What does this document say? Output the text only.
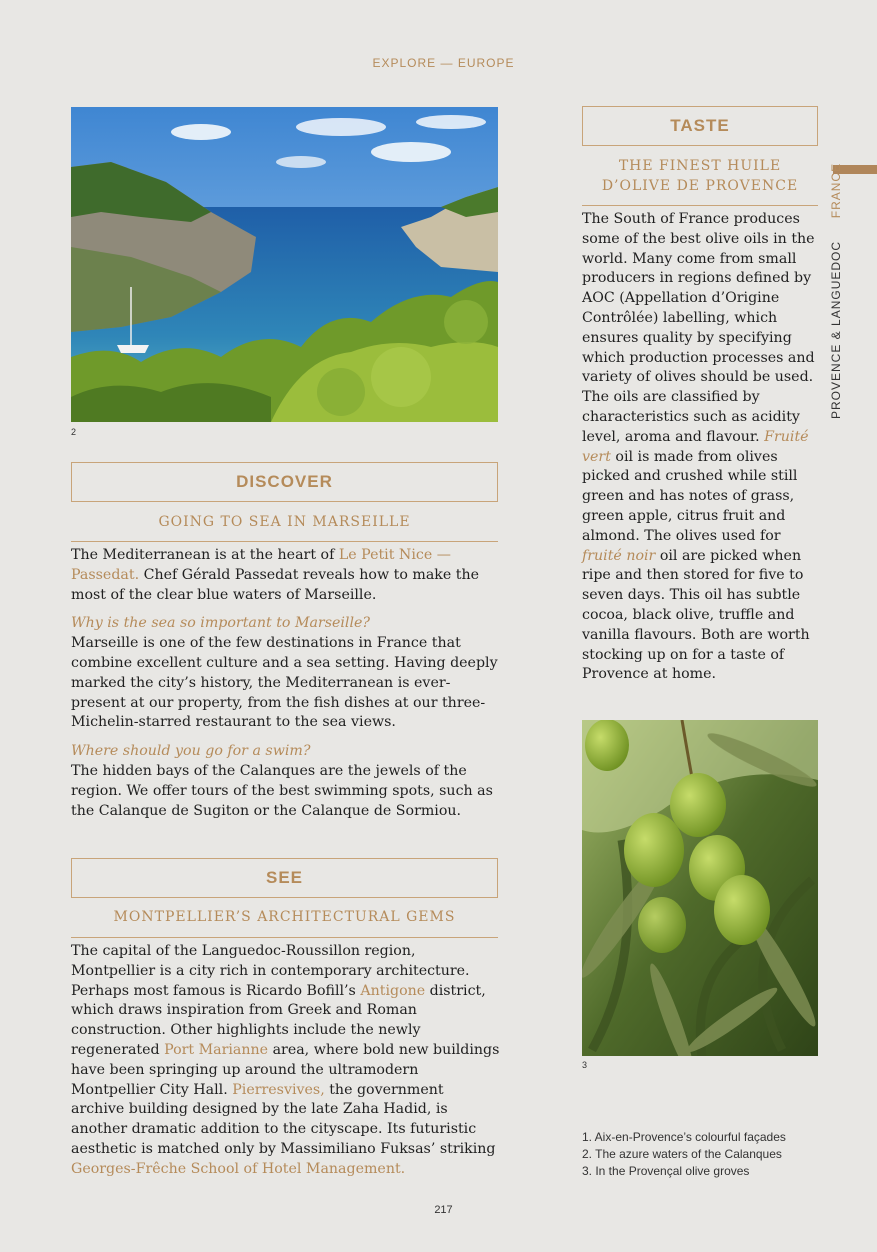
EXPLORE — EUROPE
PROVENCE & LANGUEDOC  FRANCE
2
DISCOVER
GOING TO SEA IN MARSEILLE

The Mediterranean is at the heart of Le Petit Nice — Passedat. Chef Gérald Passedat reveals how to make the most of the clear blue waters of Marseille.

Why is the sea so important to Marseille?

Marseille is one of the few destinations in France that combine excellent culture and a sea setting. Having deeply marked the city’s history, the Mediterranean is ever-present at our property, from the fish dishes at our three-Michelin-starred restaurant to the sea views.

Where should you go for a swim?

The hidden bays of the Calanques are the jewels of the region. We offer tours of the best swimming spots, such as the Calanque de Sugiton or the Calanque de Sormiou.

SEE
MONTPELLIER’S ARCHITECTURAL GEMS

The capital of the Languedoc-Roussillon region, Montpellier is a city rich in contemporary architecture. Perhaps most famous is Ricardo Bofill’s Antigone district, which draws inspiration from Greek and Roman construction. Other highlights include the newly regenerated Port Marianne area, where bold new buildings have been springing up around the ultramodern Montpellier City Hall. Pierresvives, the government archive building designed by the late Zaha Hadid, is another dramatic addition to the cityscape. Its futuristic aesthetic is matched only by Massimiliano Fuksas’ striking Georges-Frêche School of Hotel Management.

TASTE
THE FINEST HUILE
D’OLIVE DE PROVENCE

The South of France produces some of the best olive oils in the world. Many come from small producers in regions defined by AOC (Appellation d’Origine Contrôlée) labelling, which ensures quality by specifying which production processes and variety of olives should be used. The oils are classified by characteristics such as acidity level, aroma and flavour. Fruité vert oil is made from olives picked and crushed while still green and has notes of grass, green apple, citrus fruit and almond. The olives used for fruité noir oil are picked when ripe and then stored for five to seven days. This oil has subtle cocoa, black olive, truffle and vanilla flavours. Both are worth stocking up on for a taste of Provence at home.

3
1. Aix-en-Provence’s colourful façades
2. The azure waters of the Calanques
3. In the Provençal olive groves
217
